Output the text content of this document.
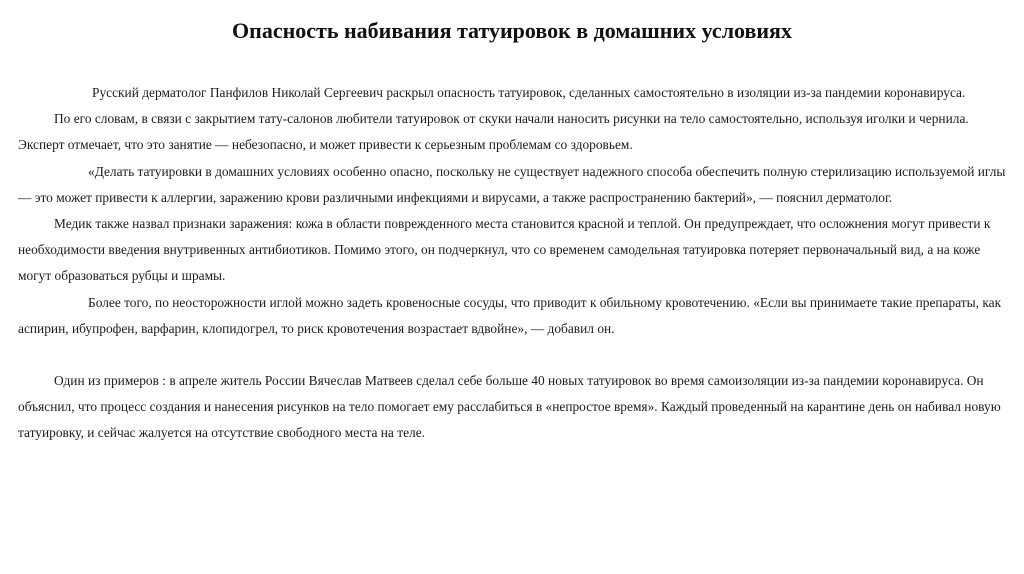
Опасность набивания татуировок в домашних условиях

Русский дерматолог Панфилов Николай Сергеевич раскрыл опасность татуировок, сделанных самостоятельно в изоляции из-за пандемии коронавируса.

По его словам, в связи с закрытием тату-салонов любители татуировок от скуки начали наносить рисунки на тело самостоятельно, используя иголки и чернила. Эксперт отмечает, что это занятие — небезопасно, и может привести к серьезным проблемам со здоровьем.

«Делать татуировки в домашних условиях особенно опасно, поскольку не существует надежного способа обеспечить полную стерилизацию используемой иглы — это может привести к аллергии, заражению крови различными инфекциями и вирусами, а также распространению бактерий», — пояснил дерматолог.

Медик также назвал признаки заражения: кожа в области поврежденного места становится красной и теплой. Он предупреждает, что осложнения могут привести к необходимости введения внутривенных антибиотиков. Помимо этого, он подчеркнул, что со временем самодельная татуировка потеряет первоначальный вид, а на коже могут образоваться рубцы и шрамы.

Более того, по неосторожности иглой можно задеть кровеносные сосуды, что приводит к обильному кровотечению. «Если вы принимаете такие препараты, как аспирин, ибупрофен, варфарин, клопидогрел, то риск кровотечения возрастает вдвойне», — добавил он.

Один из примеров : в апреле житель России Вячеслав Матвеев сделал себе больше 40 новых татуировок во время самоизоляции из-за пандемии коронавируса. Он объяснил, что процесс создания и нанесения рисунков на тело помогает ему расслабиться в «непростое время». Каждый проведенный на карантине день он набивал новую татуировку, и сейчас жалуется на отсутствие свободного места на теле.
